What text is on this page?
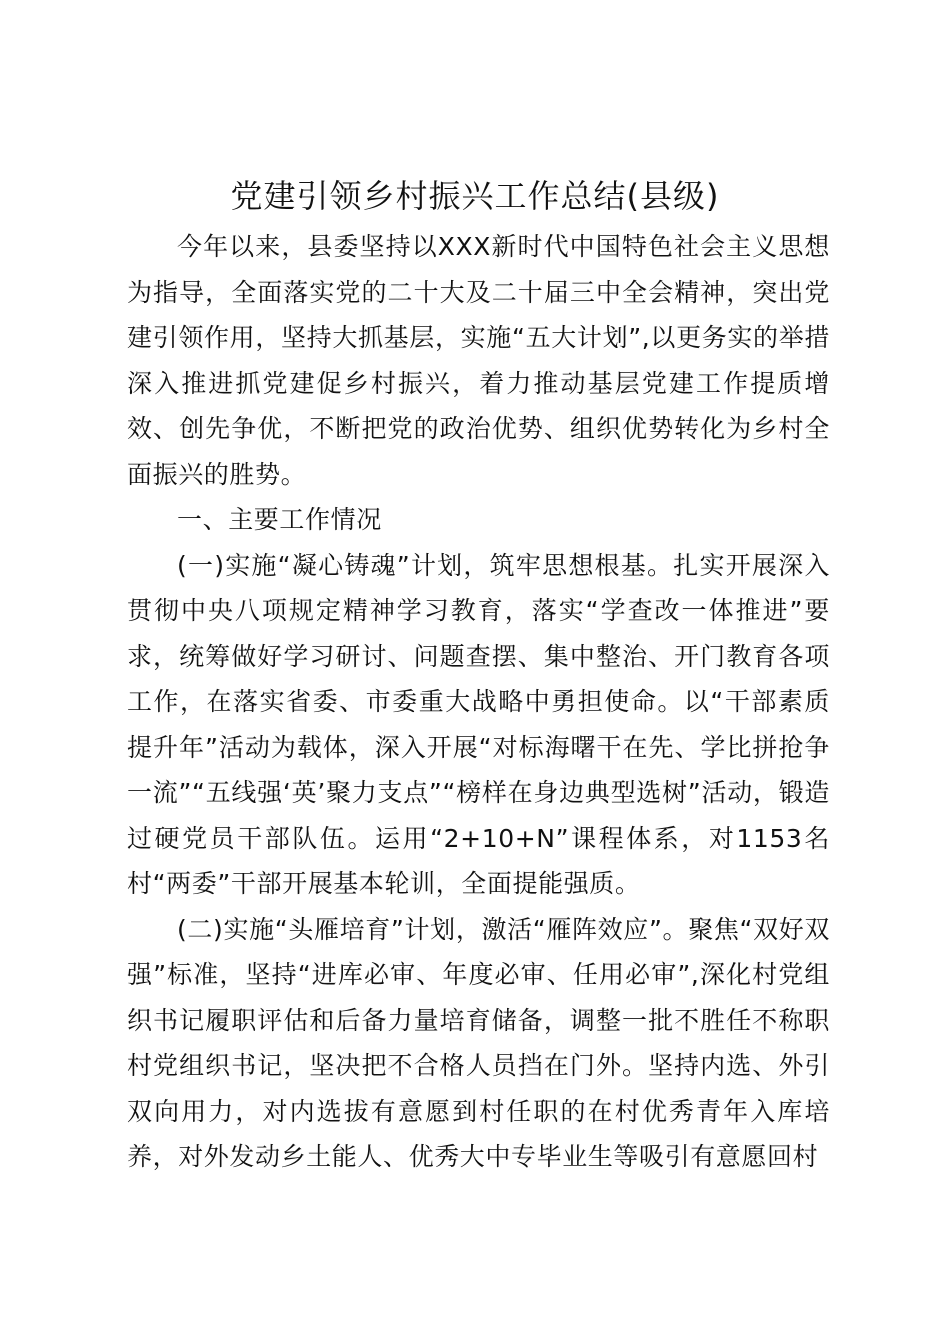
党建引领乡村振兴工作总结(县级)

今年以来，县委坚持以XXX新时代中国特色社会主义思想为指导，全面落实党的二十大及二十届三中全会精神，突出党建引领作用，坚持大抓基层，实施“五大计划”,以更务实的举措深入推进抓党建促乡村振兴，着力推动基层党建工作提质增效、创先争优，不断把党的政治优势、组织优势转化为乡村全面振兴的胜势。

一、主要工作情况

(一)实施“凝心铸魂”计划，筑牢思想根基。扎实开展深入贯彻中央八项规定精神学习教育，落实“学查改一体推进”要求，统筹做好学习研讨、问题查摆、集中整治、开门教育各项工作，在落实省委、市委重大战略中勇担使命。以“干部素质提升年”活动为载体，深入开展“对标海曙干在先、学比拼抢争一流”“五线强‘英’聚力支点”“榜样在身边典型选树”活动，锻造过硬党员干部队伍。运用“2+10+N”课程体系，对1153名村“两委”干部开展基本轮训，全面提能强质。

(二)实施“头雁培育”计划，激活“雁阵效应”。聚焦“双好双强”标准，坚持“进库必审、年度必审、任用必审”,深化村党组织书记履职评估和后备力量培育储备，调整一批不胜任不称职村党组织书记，坚决把不合格人员挡在门外。坚持内选、外引双向用力，对内选拔有意愿到村任职的在村优秀青年入库培养，对外发动乡土能人、优秀大中专毕业生等吸引有意愿回村
